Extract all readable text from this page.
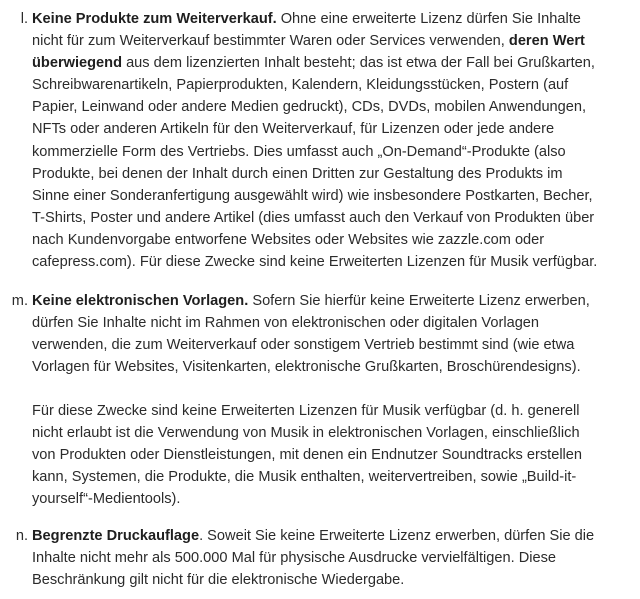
l. Keine Produkte zum Weiterverkauf. Ohne eine erweiterte Lizenz dürfen Sie Inhalte
nicht für zum Weiterverkauf bestimmter Waren oder Services verwenden, deren Wert
überwiegend aus dem lizenzierten Inhalt besteht; das ist etwa der Fall bei Grußkarten,
Schreibwarenartikeln, Papierprodukten, Kalendern, Kleidungsstücken, Postern (auf
Papier, Leinwand oder andere Medien gedruckt), CDs, DVDs, mobilen Anwendungen,
NFTs oder anderen Artikeln für den Weiterverkauf, für Lizenzen oder jede andere
kommerzielle Form des Vertriebs. Dies umfasst auch „On-Demand“-Produkte (also
Produkte, bei denen der Inhalt durch einen Dritten zur Gestaltung des Produkts im
Sinne einer Sonderanfertigung ausgewählt wird) wie insbesondere Postkarten, Becher,
T-Shirts, Poster und andere Artikel (dies umfasst auch den Verkauf von Produkten über
nach Kundenvorgabe entworfene Websites oder Websites wie zazzle.com oder
cafepress.com). Für diese Zwecke sind keine Erweiterten Lizenzen für Musik verfügbar.
m. Keine elektronischen Vorlagen. Sofern Sie hierfür keine Erweiterte Lizenz erwerben,
dürfen Sie Inhalte nicht im Rahmen von elektronischen oder digitalen Vorlagen
verwenden, die zum Weiterverkauf oder sonstigem Vertrieb bestimmt sind (wie etwa
Vorlagen für Websites, Visitenkarten, elektronische Grußkarten, Broschürendesigns).
Für diese Zwecke sind keine Erweiterten Lizenzen für Musik verfügbar (d. h. generell
nicht erlaubt ist die Verwendung von Musik in elektronischen Vorlagen, einschließlich
von Produkten oder Dienstleistungen, mit denen ein Endnutzer Soundtracks erstellen
kann, Systemen, die Produkte, die Musik enthalten, weitervertreiben, sowie „Build-it-
yourself“-Medientools).
n. Begrenzte Druckauflage. Soweit Sie keine Erweiterte Lizenz erwerben, dürfen Sie die
Inhalte nicht mehr als 500.000 Mal für physische Ausdrucke vervielfältigen. Diese
Beschränkung gilt nicht für die elektronische Wiedergabe.
